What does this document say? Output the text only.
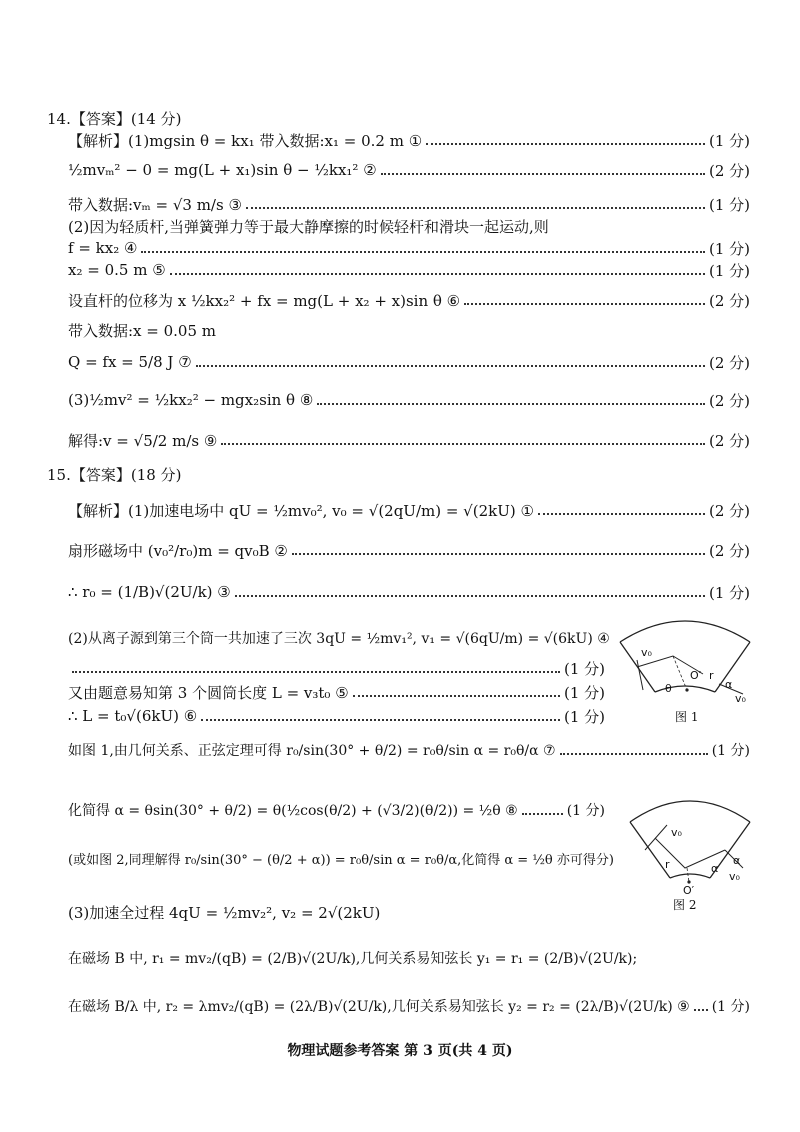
14.【答案】(14 分)
【解析】(1)mgsin θ = kx₁ 带入数据:x₁ = 0.2 m ①	(1 分)
½mvₘ² − 0 = mg(L + x₁)sin θ − ½kx₁² ②	(2 分)
带入数据:vₘ = √3 m/s ③	(1 分)
(2)因为轻质杆,当弹簧弹力等于最大静摩擦的时候轻杆和滑块一起运动,则
f = kx₂ ④	(1 分)
x₂ = 0.5 m ⑤	(1 分)
设直杆的位移为 x ½kx₂² + fx = mg(L + x₂ + x)sin θ ⑥	(2 分)
带入数据:x = 0.05 m
Q = fx = 5/8 J ⑦	(2 分)
(3)½mv² = ½kx₂² − mgx₂sin θ ⑧	(2 分)
解得:v = √5/2 m/s ⑨	(2 分)
15.【答案】(18 分)
【解析】(1)加速电场中 qU = ½mv₀², v₀ = √(2qU/m) = √(2kU) ①	(2 分)
扇形磁场中 (v₀²/r₀)m = qv₀B ②	(2 分)
∴ r₀ = (1/B)√(2U/k) ③	(1 分)
(2)从离子源到第三个筒一共加速了三次 3qU = ½mv₁², v₁ = √(6qU/m) = √(6kU) ④
(1 分)
又由题意易知第 3 个圆筒长度 L = v₃t₀ ⑤	(1 分)
∴ L = t₀√(6kU) ⑥	(1 分)
如图 1,由几何关系、正弦定理可得 r₀/sin(30° + θ/2) = r₀θ/sin α = r₀θ/α ⑦	(1 分)
化简得 α = θsin(30° + θ/2) = θ(½cos(θ/2) + (√3/2)(θ/2)) = ½θ ⑧	(1 分)
(或如图 2,同理解得 r₀/sin(30° − (θ/2 + α)) = r₀θ/sin α = r₀θ/α,化简得 α = ½θ 亦可得分)
(3)加速全过程 4qU = ½mv₂², v₂ = 2√(2kU)
在磁场 B 中, r₁ = mv₂/(qB) = (2/B)√(2U/k),几何关系易知弦长 y₁ = r₁ = (2/B)√(2U/k);
在磁场 B/λ 中, r₂ = λmv₂/(qB) = (2λ/B)√(2U/k),几何关系易知弦长 y₂ = r₂ = (2λ/B)√(2U/k) ⑨ (1 分)
v₀
θ
O′ r
α
v₀
图 1
v₀
r	α
O′
α
v₀
图 2
物理试题参考答案 第 3 页(共 4 页)
